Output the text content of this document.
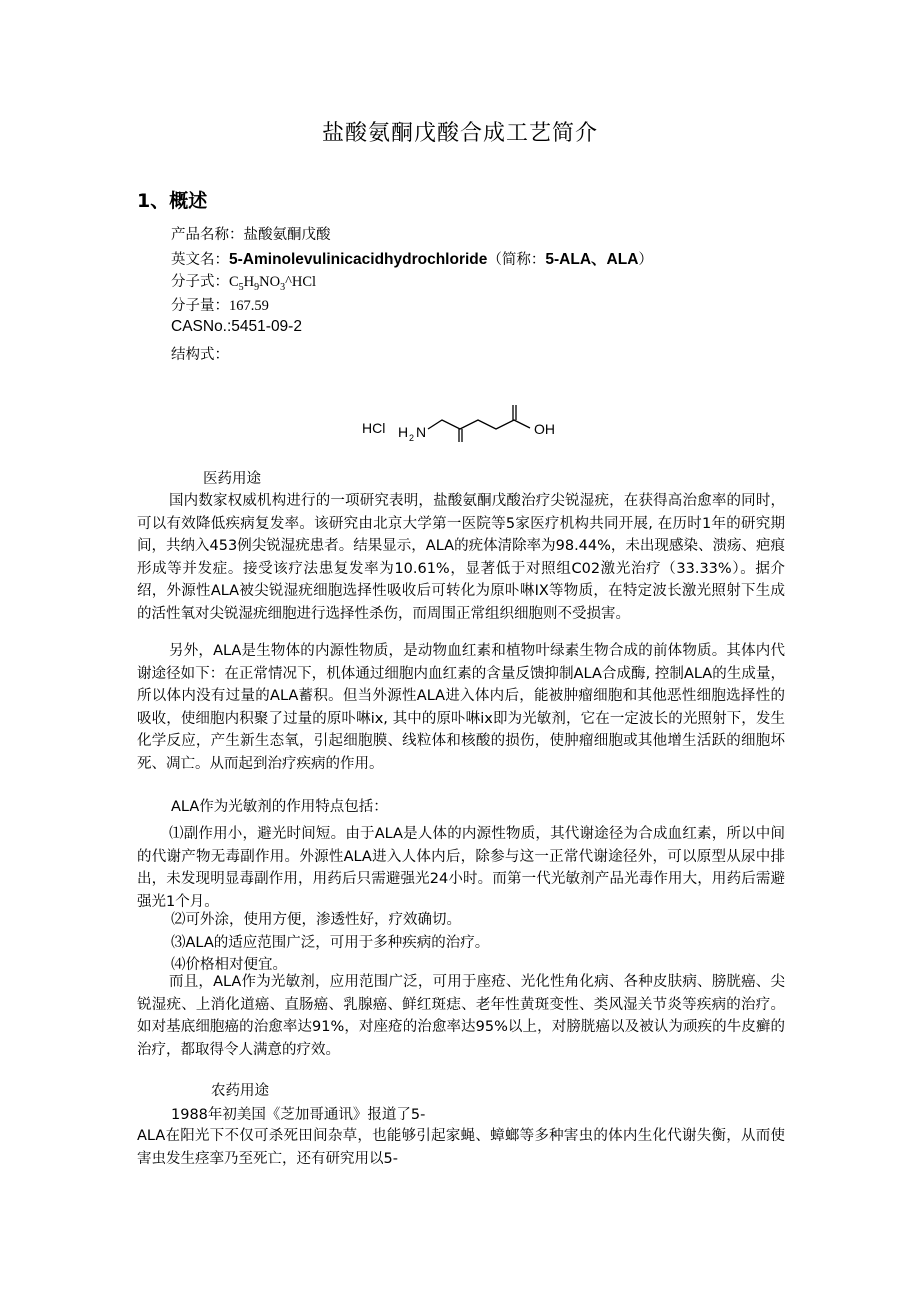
盐酸氨酮戊酸合成工艺简介
1、概述
产品名称：盐酸氨酮戊酸
英文名：5-Aminolevulinicacidhydrochloride（简称：5-ALA、ALA）
分子式：$C_5H_9NO_3\^{}HCl$
分子量：167.59
CASNo.:5451-09-2
结构式：
HCl H 2 N	OH
医药用途
国内数家权威机构进行的一项研究表明，盐酸氨酮戊酸治疗尖锐湿疣，在获得高治愈率的同时，可以有效降低疾病复发率。该研究由北京大学第一医院等5家医疗机构共同开展, 在历时1年的研究期间，共纳入453例尖锐湿疣患者。结果显示，ALA的疣体清除率为98.44%，未出现感染、溃疡、疤痕形成等并发症。接受该疗法患复发率为10.61%，显著低于对照组C02激光治疗（33.33%）。据介绍，外源性ALA被尖锐湿疣细胞选择性吸收后可转化为原卟啉IX等物质，在特定波长激光照射下生成的活性氧对尖锐湿疣细胞进行选择性杀伤，而周围正常组织细胞则不受损害。
另外，ALA是生物体的内源性物质，是动物血红素和植物叶绿素生物合成的前体物质。其体内代谢途径如下：在正常情况下，机体通过细胞内血红素的含量反馈抑制ALA合成酶, 控制ALA的生成量，所以体内没有过量的ALA蓄积。但当外源性ALA进入体内后，能被肿瘤细胞和其他恶性细胞选择性的吸收，使细胞内积聚了过量的原卟啉ix, 其中的原卟啉ix即为光敏剂，它在一定波长的光照射下，发生化学反应，产生新生态氧，引起细胞膜、线粒体和核酸的损伤，使肿瘤细胞或其他增生活跃的细胞坏死、凋亡。从而起到治疗疾病的作用。
ALA作为光敏剂的作用特点包括：
⑴副作用小，避光时间短。由于ALA是人体的内源性物质，其代谢途径为合成血红素，所以中间的代谢产物无毒副作用。外源性ALA进入人体内后，除参与这一正常代谢途径外，可以原型从尿中排出，未发现明显毒副作用，用药后只需避强光24小时。而第一代光敏剂产品光毒作用大，用药后需避强光1个月。
⑵可外涂，使用方便，渗透性好，疗效确切。
⑶ALA的适应范围广泛，可用于多种疾病的治疗。
⑷价格相对便宜。
而且，ALA作为光敏剂，应用范围广泛，可用于座疮、光化性角化病、各种皮肤病、膀胱癌、尖锐湿疣、上消化道癌、直肠癌、乳腺癌、鲜红斑痣、老年性黄斑变性、类风湿关节炎等疾病的治疗。如对基底细胞癌的治愈率达91%，对座疮的治愈率达95%以上，对膀胱癌以及被认为顽疾的牛皮癣的治疗，都取得令人满意的疗效。
农药用途
1988年初美国《芝加哥通讯》报道了5-
ALA在阳光下不仅可杀死田间杂草，也能够引起家蝇、蟑螂等多种害虫的体内生化代谢失衡，从而使害虫发生痉挛乃至死亡，还有研究用以5-
